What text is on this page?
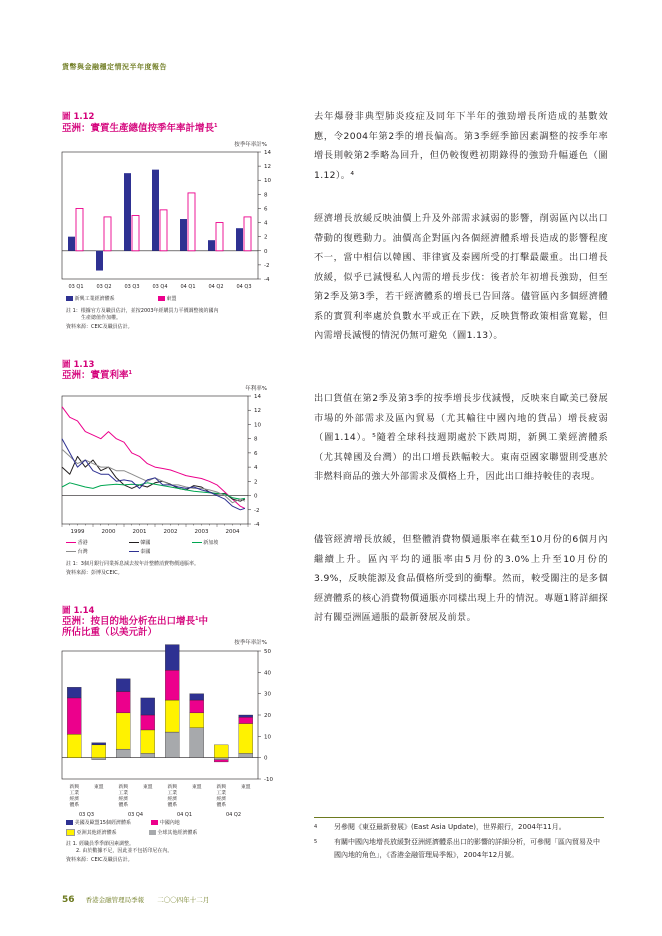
貨幣與金融穩定情況半年度報告
圖 1.12
亞洲：實質生產總值按季年率計增長$^1$
按季年率計%
-4
-2
0
2
4
6
8
10
12
14
03 Q1	03 Q2	03 Q3	03 Q4	04 Q1	04 Q2	04 Q3
新興工業經濟體系	東盟
註 1：根據官方及職員估計，並按2003年經購買力平價調整後的國內
　　　生產總值作加權。
資料來源：CEIC及職員估計。
圖 1.13
亞洲：實質利率$^1$
年利率%
-4
-2
0
2
4
6
8
10
12
14
1999	2000	2001	2002	2003	2004
香港	韓國	新加坡
台灣	泰國
註 1：3個月銀行同業拆息減去按年計整體消費物價通脹率。
資料來源：彭博及CEIC。
圖 1.14
亞洲：按目的地分析在出口增長$^1$中
所佔比重（以美元計）
按季年率計%
-10
0
10
20
30
40
50
新興
工業
經濟
體系
東盟	新興
工業
經濟
體系
東盟	新興
工業
經濟
體系
東盟	新興
工業
經濟
體系
東盟
03 Q3	03 Q4	04 Q1	04 Q2
美國及歐盟15個經濟體系	中國內地
亞洲其他經濟體系	全球其他經濟體系
註 1. 經職員季季節因素調整。
　　2. 由於數據不足，因此並不包括印尼在內。
資料來源：CEIC及職員估計。
去年爆發非典型肺炎疫症及同年下半年的強勁增長所造成的基數效應，令2004年第2季的增長偏高。第3季經季節因素調整的按季年率增長則較第2季略為回升，但仍較復甦初期錄得的強勁升幅遜色（圖1.12）。⁴
經濟增長放緩反映油價上升及外部需求減弱的影響，削弱區內以出口帶動的復甦動力。油價高企對區內各個經濟體系增長造成的影響程度不一，當中相信以韓國、菲律賓及泰國所受的打擊最嚴重。出口增長放緩，似乎已減慢私人內需的增長步伐：後者於年初增長強勁，但至第2季及第3季，若干經濟體系的增長已告回落。儘管區內多個經濟體系的實質利率處於負數水平或正在下跌，反映貨幣政策相當寬鬆，但內需增長減慢的情況仍無可避免（圖1.13）。
出口貨值在第2季及第3季的按季增長步伐減慢，反映來自歐美已發展市場的外部需求及區內貿易（尤其輸往中國內地的貨品）增長疲弱（圖1.14）。⁵隨着全球科技週期處於下跌周期，新興工業經濟體系（尤其韓國及台灣）的出口增長跌幅較大。東南亞國家聯盟則受惠於非燃料商品的強大外部需求及價格上升，因此出口維持較佳的表現。
儘管經濟增長放緩，但整體消費物價通脹率在截至10月份的6個月內繼續上升。區內平均的通脹率由5月份的3.0%上升至10月份的3.9%，反映能源及食品價格所受到的衝擊。然而，較受關注的是多個經濟體系的核心消費物價通脹亦同樣出現上升的情況。專題1將詳細探討有關亞洲區通脹的最新發展及前景。
4	另參閱《東亞最新發展》(East Asia Update)，世界銀行，2004年11月。
5	有關中國內地增長放緩對亞洲經濟體系出口的影響的詳細分析，可參閱「區內貿易及中國內地的角色」，《香港金融管理局季報》，2004年12月號。
56 香港金融管理局季報 二〇〇四年十二月
